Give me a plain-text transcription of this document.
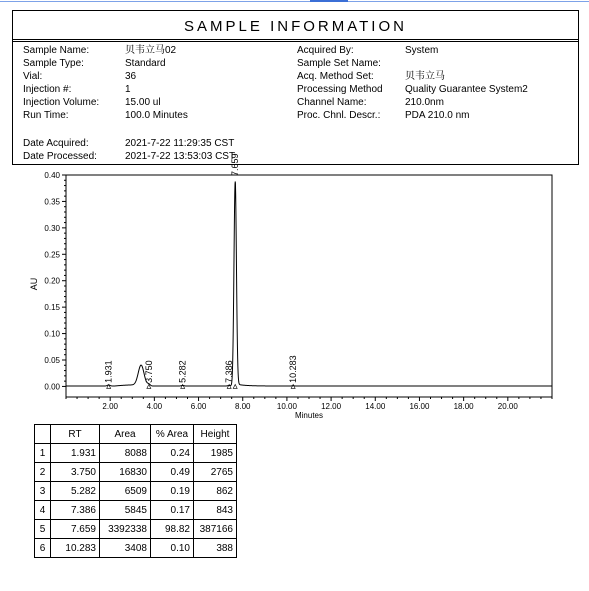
SAMPLE INFORMATION
Sample Name:	贝韦立马02
Sample Type:	Standard
Vial:	36
Injection #:	1
Injection Volume:	15.00 ul
Run Time:	100.0 Minutes
Date Acquired:	2021-7-22 11:29:35 CST
Date Processed:	2021-7-22 13:53:03 CST
Acquired By:	System
Sample Set Name:
Acq. Method Set:	贝韦立马
Processing Method Quality Guarantee System2
Channel Name:	210.0nm
Proc. Chnl. Descr.: PDA 210.0 nm
0.00
0.05
0.10
0.15
0.20
0.25
0.30
0.35
0.40
2.00	4.00	6.00	8.00	10.00	12.00	14.00	16.00	18.00	20.00
1.931	3.750	5.282	7.386
7.659
10.283
AU
Minutes
	RT	Area	% Area	Height
1	1.931	8088	0.24	1985
2	3.750	16830	0.49	2765
3	5.282	6509	0.19	862
4	7.386	5845	0.17	843
5	7.659	3392338	98.82	387166
6	10.283	3408	0.10	388
